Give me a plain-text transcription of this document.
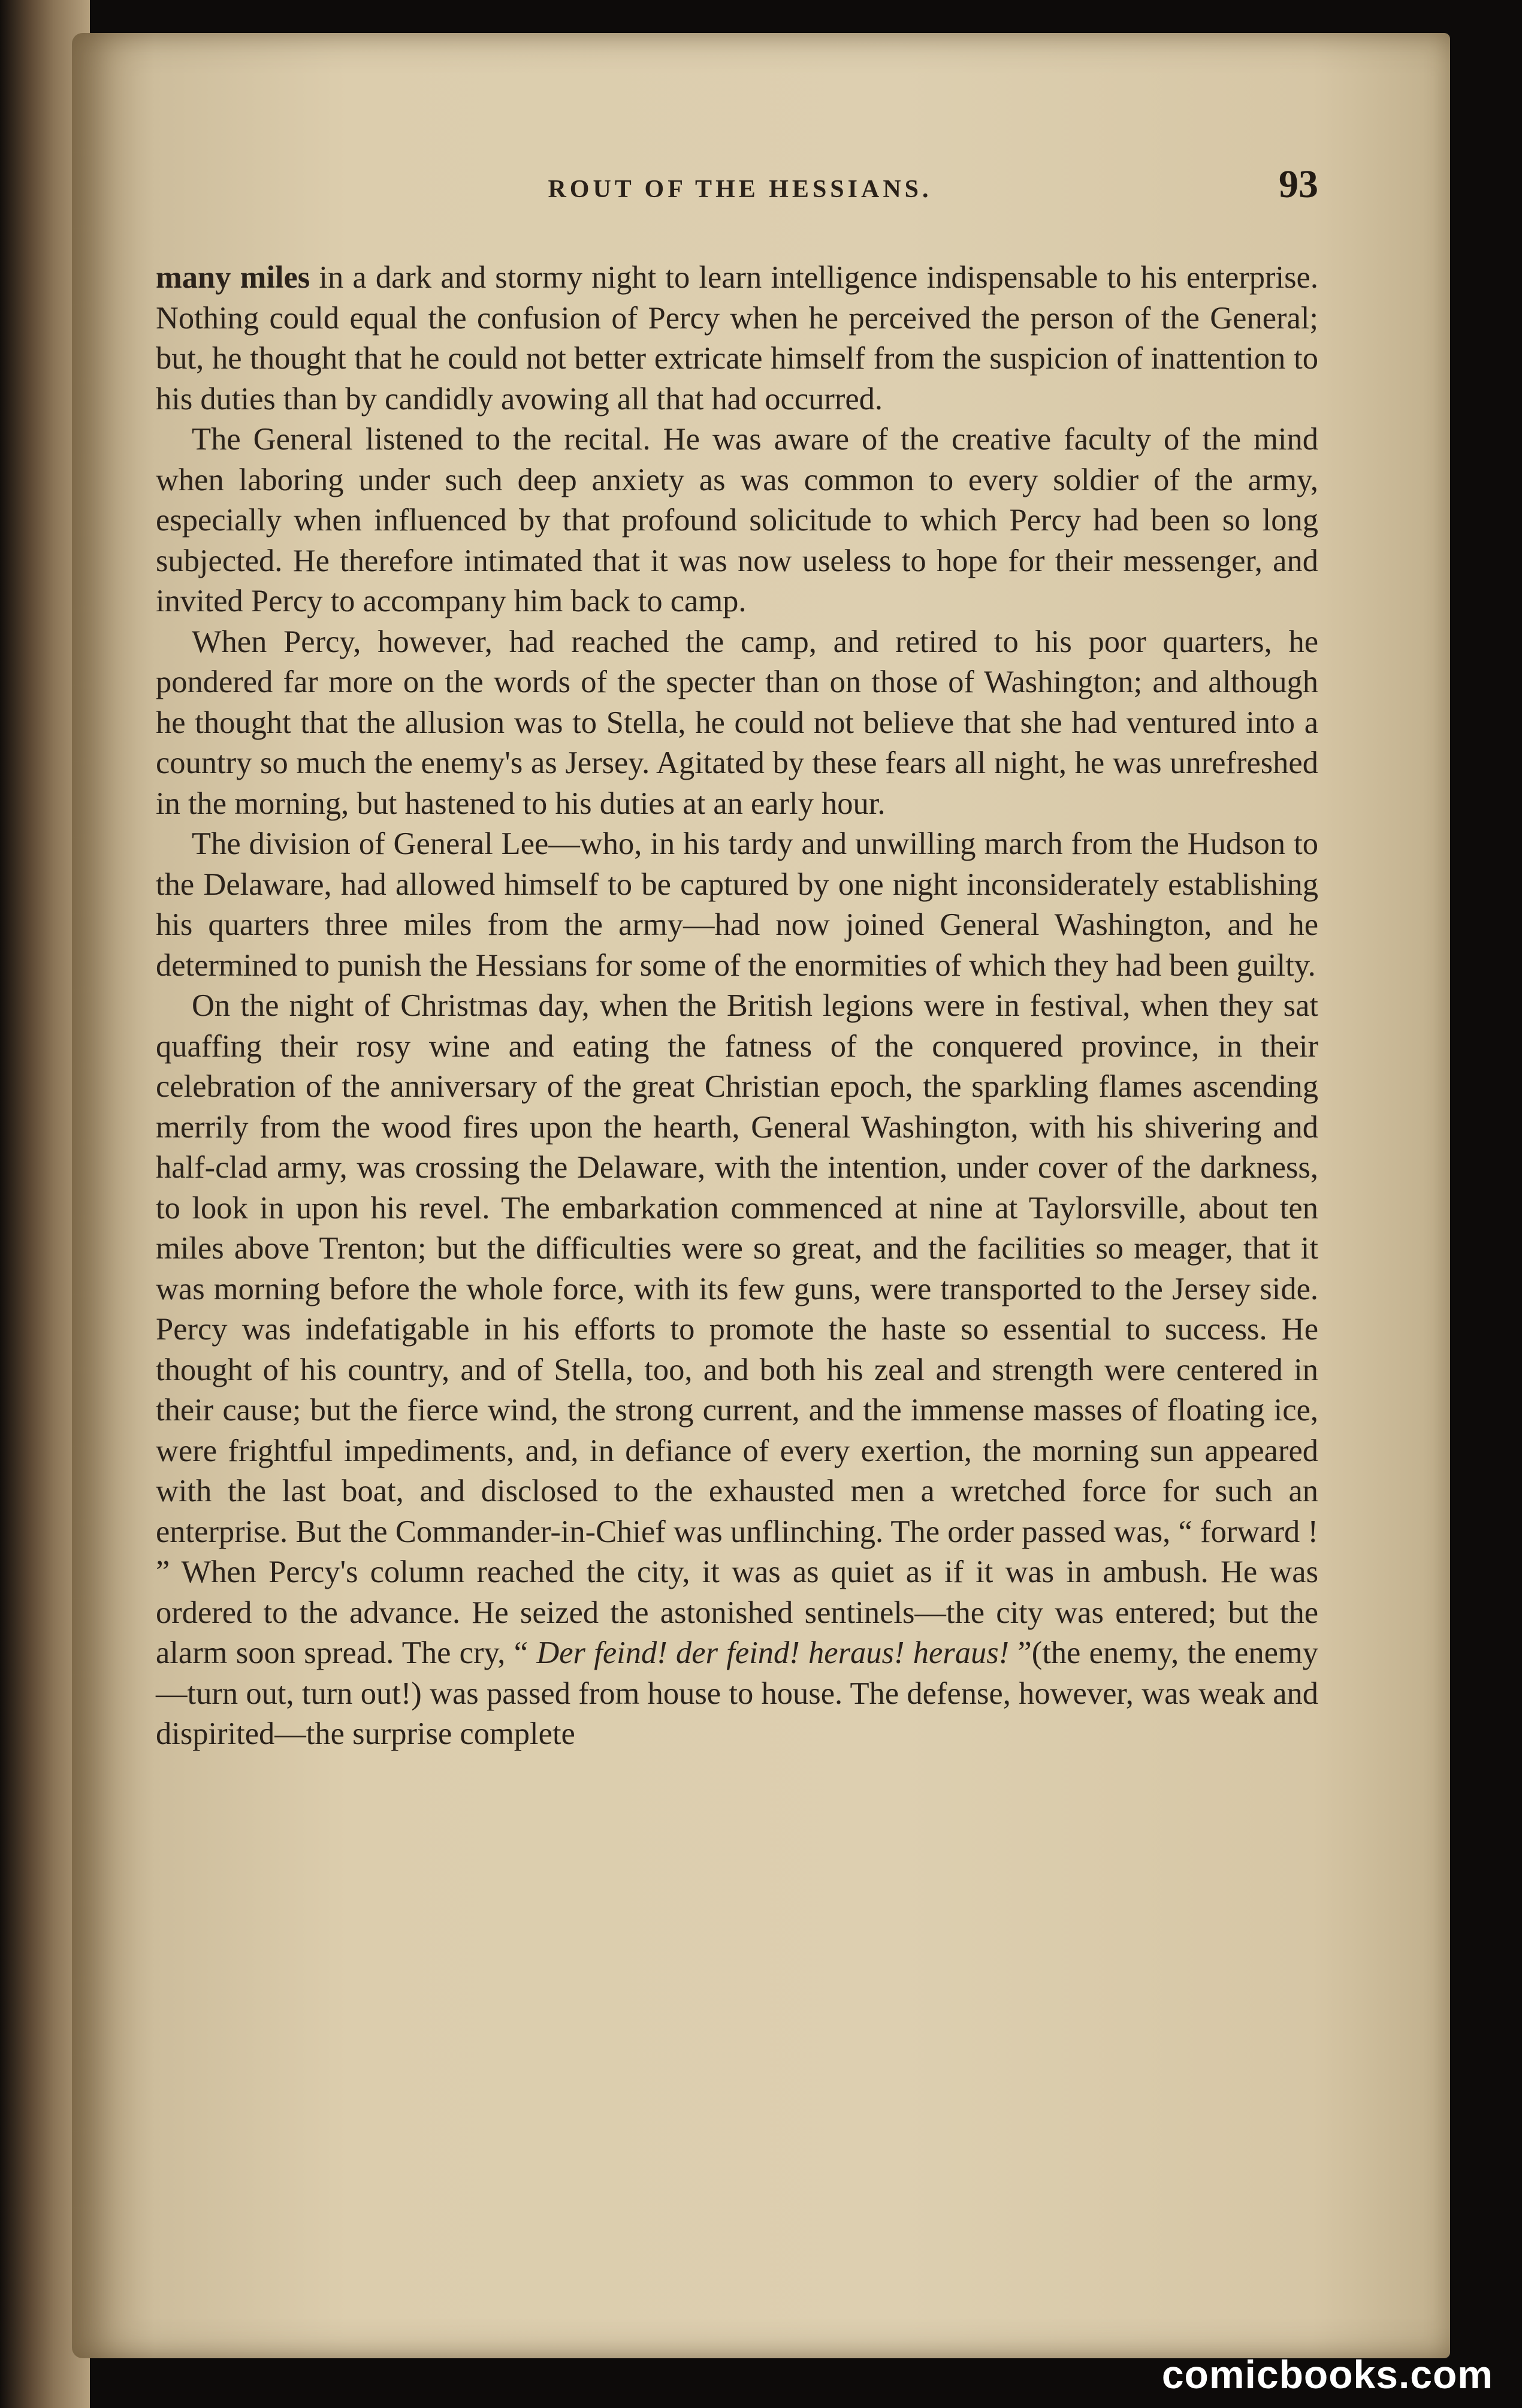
ROUT OF THE HESSIANS.	93

many miles in a dark and stormy night to learn intelligence indispensable to his enterprise. Nothing could equal the confusion of Percy when he perceived the person of the General; but, he thought that he could not better extricate himself from the suspicion of inattention to his duties than by candidly avowing all that had occurred.

The General listened to the recital. He was aware of the creative faculty of the mind when laboring under such deep anxiety as was common to every soldier of the army, especially when influenced by that profound solicitude to which Percy had been so long subjected. He therefore intimated that it was now useless to hope for their messenger, and invited Percy to accompany him back to camp.

When Percy, however, had reached the camp, and retired to his poor quarters, he pondered far more on the words of the specter than on those of Washington; and although he thought that the allusion was to Stella, he could not believe that she had ventured into a country so much the enemy's as Jersey. Agitated by these fears all night, he was unrefreshed in the morning, but hastened to his duties at an early hour.

The division of General Lee—who, in his tardy and unwilling march from the Hudson to the Delaware, had allowed himself to be captured by one night inconsiderately establishing his quarters three miles from the army—had now joined General Washington, and he determined to punish the Hessians for some of the enormities of which they had been guilty.

On the night of Christmas day, when the British legions were in festival, when they sat quaffing their rosy wine and eating the fatness of the conquered province, in their celebration of the anniversary of the great Christian epoch, the sparkling flames ascending merrily from the wood fires upon the hearth, General Washington, with his shivering and half-clad army, was crossing the Delaware, with the intention, under cover of the darkness, to look in upon his revel. The embarkation commenced at nine at Taylorsville, about ten miles above Trenton; but the difficulties were so great, and the facilities so meager, that it was morning before the whole force, with its few guns, were transported to the Jersey side. Percy was indefatigable in his efforts to promote the haste so essential to success. He thought of his country, and of Stella, too, and both his zeal and strength were centered in their cause; but the fierce wind, the strong current, and the immense masses of floating ice, were frightful impediments, and, in defiance of every exertion, the morning sun appeared with the last boat, and disclosed to the exhausted men a wretched force for such an enterprise. But the Commander-in-Chief was unflinching. The order passed was, “ forward ! ” When Percy's column reached the city, it was as quiet as if it was in ambush. He was ordered to the advance. He seized the astonished sentinels—the city was entered; but the alarm soon spread. The cry, “ Der feind! der feind! heraus! heraus! ”(the enemy, the enemy—turn out, turn out!) was passed from house to house. The defense, however, was weak and dispirited—the surprise complete

comicbooks.com
